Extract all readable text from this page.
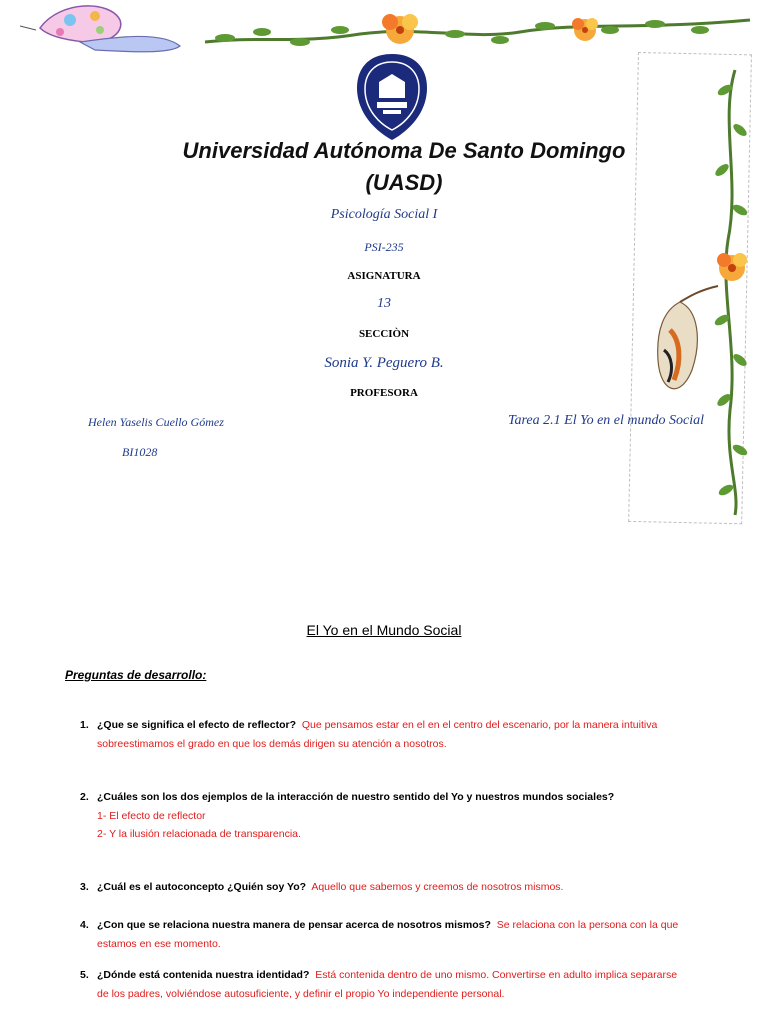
Universidad Autónoma De Santo Domingo
(UASD)
Psicología Social I
PSI-235
ASIGNATURA
13
SECCIÒN
Sonia Y. Peguero B.
PROFESORA
Helen Yaselis Cuello Gómez
BI1028
Tarea 2.1 El Yo en el mundo Social
El Yo en el Mundo Social
Preguntas de desarrollo:
1. ¿Que se significa el efecto de reflector? Que pensamos estar en el en el centro del escenario, por la manera intuitiva
sobreestimamos el grado en que los demás dirigen su atención a nosotros.
2. ¿Cuáles son los dos ejemplos de la interacción de nuestro sentido del Yo y nuestros mundos sociales?
1- El efecto de reflector
2- Y la ilusión relacionada de transparencia.
3. ¿Cuál es el autoconcepto ¿Quién soy Yo? Aquello que sabemos y creemos de nosotros mismos.
4. ¿Con que se relaciona nuestra manera de pensar acerca de nosotros mismos? Se relaciona con la persona con la que
estamos en ese momento.
5. ¿Dónde está contenida nuestra identidad? Está contenida dentro de uno mismo. Convertirse en adulto implica separarse
de los padres, volviéndose autosuficiente, y definir el propio Yo independiente personal.
